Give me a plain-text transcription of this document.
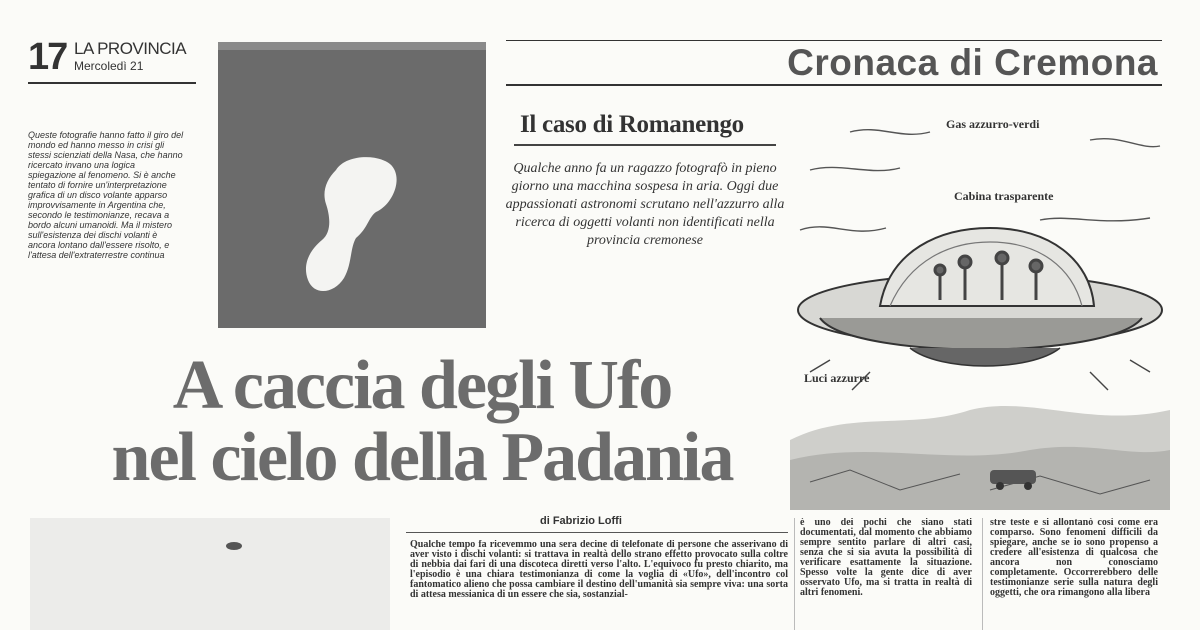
17 LA PROVINCIA
Mercoledì 21	Cronaca di Cremona
Queste fotografie hanno fatto il giro del mondo ed hanno messo in crisi gli stessi scienziati della Nasa, che hanno ricercato invano una logica spiegazione al fenomeno. Si è anche tentato di fornire un'interpretazione grafica di un disco volante apparso improvvisamente in Argentina che, secondo le testimonianze, recava a bordo alcuni umanoidi. Ma il mistero sull'esistenza dei dischi volanti è ancora lontano dall'essere risolto, e l'attesa dell'extraterrestre continua
Il caso di Romanengo
Qualche anno fa un ragazzo fotografò in pieno giorno una macchina sospesa in aria. Oggi due appassionati astronomi scrutano nell'azzurro alla ricerca di oggetti volanti non identificati nella provincia cremonese
Gas azzurro-verdi
Cabina trasparente
Luci azzurre
A caccia degli Ufo
nel cielo della Padania
di Fabrizio Loffi
Qualche tempo fa ricevemmo una sera decine di telefonate di persone che asserivano di aver visto i dischi volanti: si trattava in realtà dello strano effetto provocato sulla coltre di nebbia dai fari di una discoteca diretti verso l'alto. L'equivoco fu presto chiarito, ma l'episodio è una chiara testimonianza di come la voglia di «Ufo», dell'incontro col fantomatico alieno che possa cambiare il destino dell'umanità sia sempre viva: una sorta di attesa messianica di un essere che sia, sostanzial-
è uno dei pochi che siano stati documentati, dal momento che abbiamo sempre sentito parlare di altri casi, senza che si sia avuta la possibilità di verificare esattamente la situazione. Spesso volte la gente dice di aver osservato Ufo, ma si tratta in realtà di altri fenomeni.
stre teste e si allontanò così come era comparso. Sono fenomeni difficili da spiegare, anche se io sono propenso a credere all'esistenza di qualcosa che ancora non conosciamo completamente. Occorrerebbero delle testimonianze serie sulla natura degli oggetti, che ora rimangono alla libera
